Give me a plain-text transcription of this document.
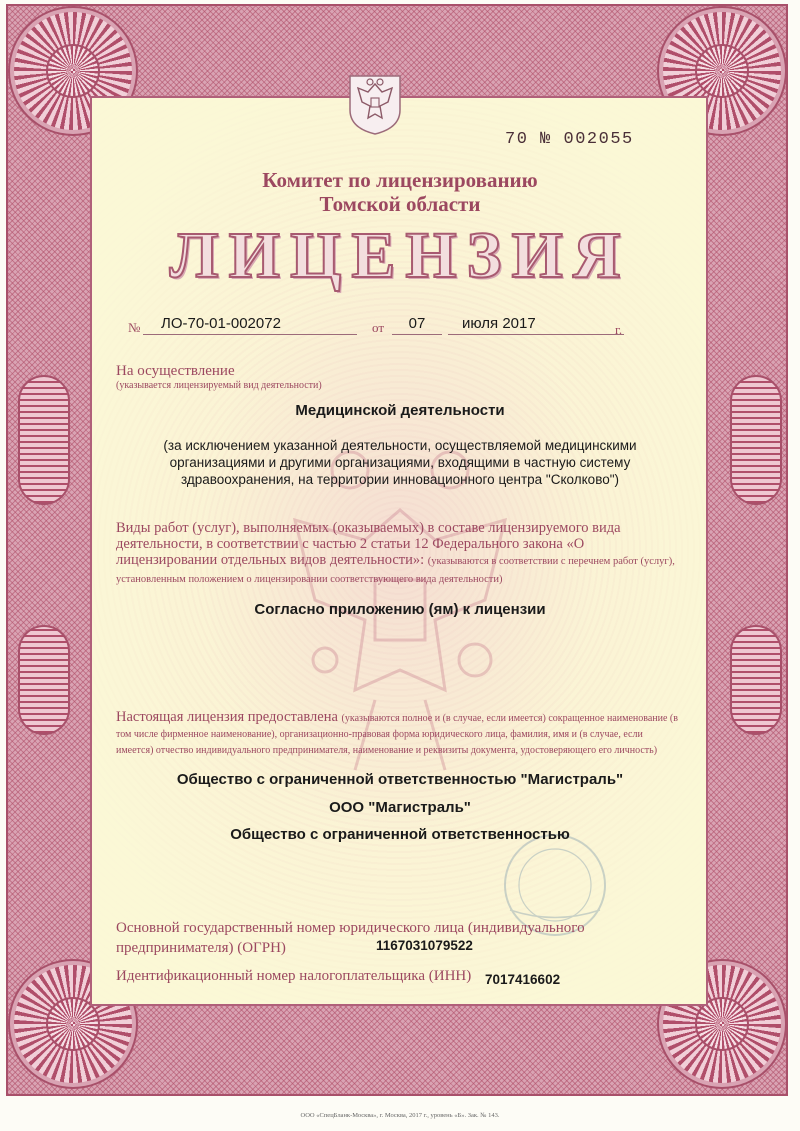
70 № 002055
Комитет по лицензированию
Томской области
ЛИЦЕНЗИЯ
№	ЛО-70-01-002072	от	07	июля 2017	г.
На осуществление
(указывается лицензируемый вид деятельности)
Медицинской деятельности
(за исключением указанной деятельности, осуществляемой медицинскими организациями и другими организациями, входящими в частную систему здравоохранения, на территории инновационного центра "Сколково")
Виды работ (услуг), выполняемых (оказываемых) в составе лицензируемого вида деятельности, в соответствии с частью 2 статьи 12 Федерального закона «О лицензировании отдельных видов деятельности»: (указываются в соответствии с перечнем работ (услуг), установленным положением о лицензировании соответствующего вида деятельности)
Согласно приложению (ям) к лицензии
Настоящая лицензия предоставлена (указываются полное и (в случае, если имеется) сокращенное наименование (в том числе фирменное наименование), организационно-правовая форма юридического лица, фамилия, имя и (в случае, если имеется) отчество индивидуального предпринимателя, наименование и реквизиты документа, удостоверяющего его личность)
Общество с ограниченной ответственностью "Магистраль"
ООО "Магистраль"
Общество с ограниченной ответственностью
Основной государственный номер юридического лица (индивидуального предпринимателя) (ОГРН)	1167031079522
Идентификационный номер налогоплательщика (ИНН) 7017416602
ООО «СпецБланк-Москва», г. Москва, 2017 г., уровень «Б». Зак. № 143.
